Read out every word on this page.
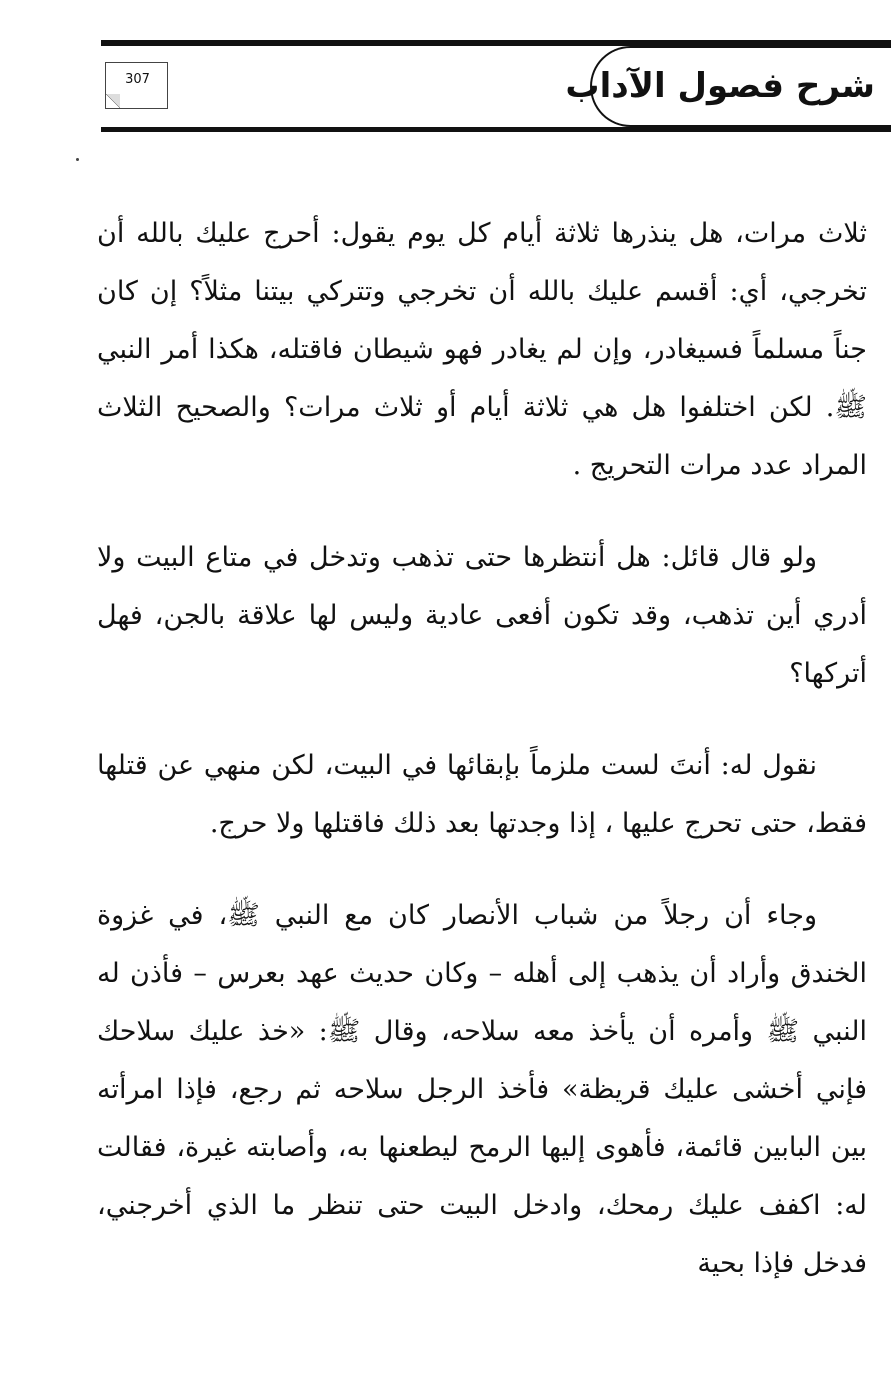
شرح فصول الآداب
307

ثلاث مرات، هل ينذرها ثلاثة أيام كل يوم يقول: أحرج عليك بالله أن تخرجي، أي: أقسم عليك بالله أن تخرجي وتتركي بيتنا مثلاً؟ إن كان جناً مسلماً فسيغادر، وإن لم يغادر فهو شيطان فاقتله، هكذا أمر النبي ﷺ. لكن اختلفوا هل هي ثلاثة أيام أو ثلاث مرات؟ والصحيح الثلاث المراد عدد مرات التحريج .

ولو قال قائل: هل أنتظرها حتى تذهب وتدخل في متاع البيت ولا أدري أين تذهب، وقد تكون أفعى عادية وليس لها علاقة بالجن، فهل أتركها؟

نقول له: أنتَ لست ملزماً بإبقائها في البيت، لكن منهي عن قتلها فقط، حتى تحرج عليها ، إذا وجدتها بعد ذلك فاقتلها ولا حرج.

وجاء أن رجلاً من شباب الأنصار كان مع النبي ﷺ، في غزوة الخندق وأراد أن يذهب إلى أهله – وكان حديث عهد بعرس – فأذن له النبي ﷺ وأمره أن يأخذ معه سلاحه، وقال ﷺ: «خذ عليك سلاحك فإني أخشى عليك قريظة» فأخذ الرجل سلاحه ثم رجع، فإذا امرأته بين البابين قائمة، فأهوى إليها الرمح ليطعنها به، وأصابته غيرة، فقالت له: اكفف عليك رمحك، وادخل البيت حتى تنظر ما الذي أخرجني، فدخل فإذا بحية
